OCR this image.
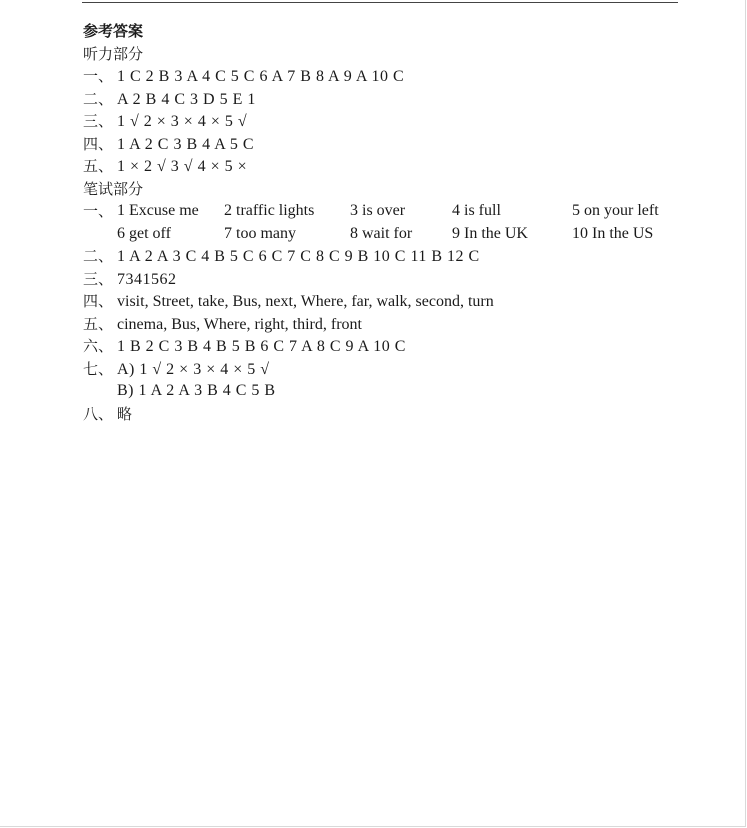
参考答案
听力部分
一、 1 C 2 B 3 A 4 C 5 C 6 A 7 B 8 A 9 A 10 C
二、 A 2 B 4 C 3 D 5 E 1
三、 1 √ 2 × 3 × 4 × 5 √
四、 1 A 2 C 3 B 4 A 5 C
五、 1 × 2 √ 3 √ 4 × 5 ×
笔试部分
一、 1 Excuse me	2 traffic lights	3 is over	4 is full	5 on your left
6 get off	7 too many	8 wait for	9 In the UK	10 In the US
二、 1 A 2 A 3 C 4 B 5 C 6 C 7 C 8 C 9 B 10 C 11 B 12 C
三、 7341562
四、 visit, Street, take, Bus, next, Where, far, walk, second, turn
五、 cinema, Bus, Where, right, third, front
六、 1 B 2 C 3 B 4 B 5 B 6 C 7 A 8 C 9 A 10 C
七、 A) 1 √ 2 × 3 × 4 × 5 √
B) 1 A 2 A 3 B 4 C 5 B
八、 略
